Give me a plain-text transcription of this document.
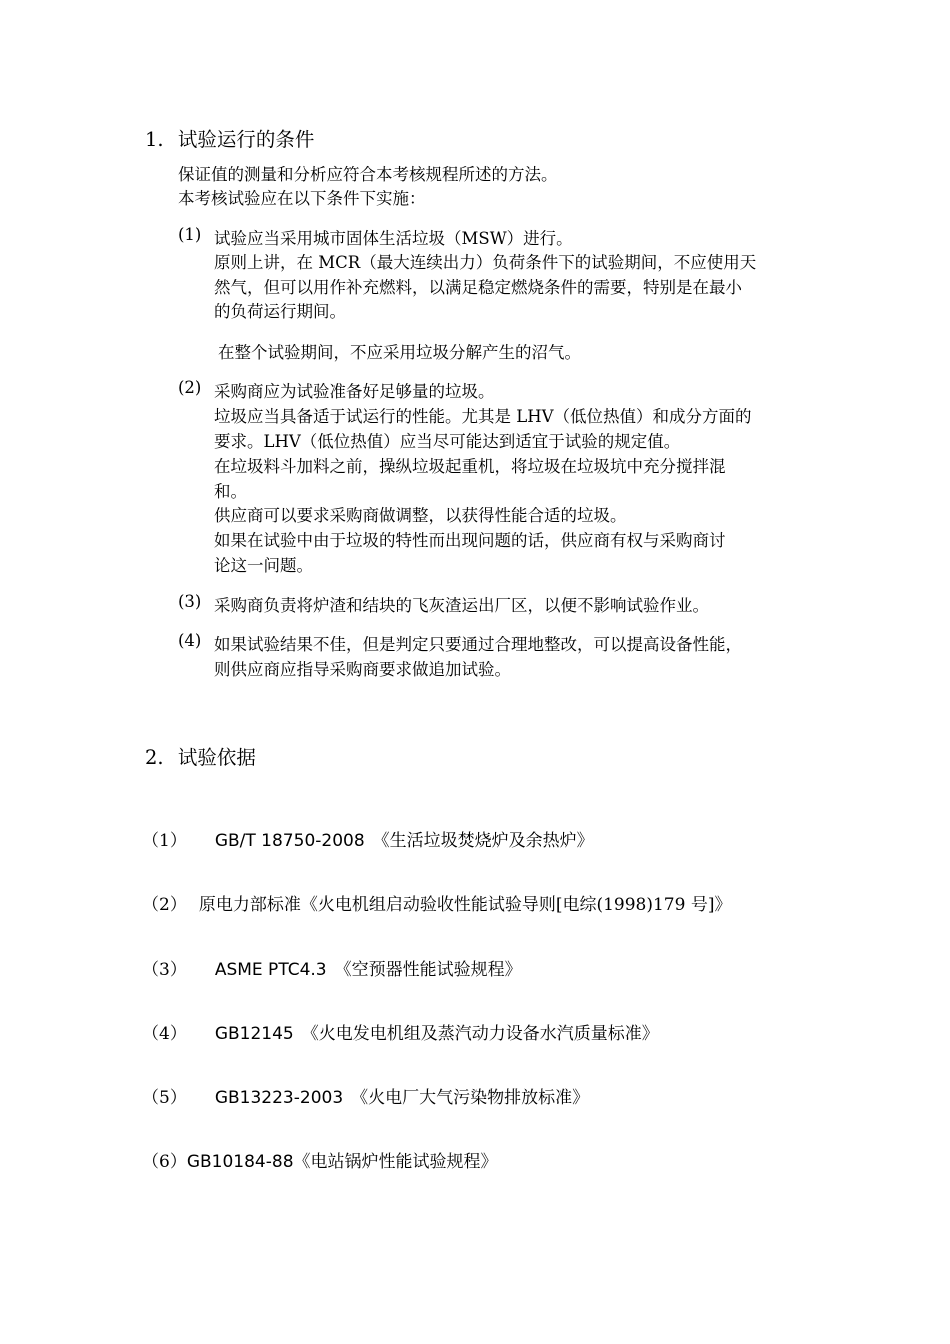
1. 试验运行的条件
保证值的测量和分析应符合本考核规程所述的方法。
本考核试验应在以下条件下实施：
(1) 试验应当采用城市固体生活垃圾（MSW）进行。
原则上讲，在 MCR（最大连续出力）负荷条件下的试验期间，不应使用天
然气，但可以用作补充燃料，以满足稳定燃烧条件的需要，特别是在最小
的负荷运行期间。
在整个试验期间，不应采用垃圾分解产生的沼气。
(2) 采购商应为试验准备好足够量的垃圾。
垃圾应当具备适于试运行的性能。尤其是 LHV（低位热值）和成分方面的
要求。LHV（低位热值）应当尽可能达到适宜于试验的规定值。
在垃圾料斗加料之前，操纵垃圾起重机，将垃圾在垃圾坑中充分搅拌混
和。
供应商可以要求采购商做调整，以获得性能合适的垃圾。
如果在试验中由于垃圾的特性而出现问题的话，供应商有权与采购商讨
论这一问题。
(3) 采购商负责将炉渣和结块的飞灰渣运出厂区，以便不影响试验作业。
(4) 如果试验结果不佳，但是判定只要通过合理地整改，可以提高设备性能，
则供应商应指导采购商要求做追加试验。
2. 试验依据
（1） GB/T 18750-2008 《生活垃圾焚烧炉及余热炉》
（2） 原电力部标准《火电机组启动验收性能试验导则[电综(1998)179 号]》
（3） ASME PTC4.3 《空预器性能试验规程》
（4） GB12145 《火电发电机组及蒸汽动力设备水汽质量标准》
（5） GB13223-2003 《火电厂大气污染物排放标准》
（6）GB10184-88《电站锅炉性能试验规程》
